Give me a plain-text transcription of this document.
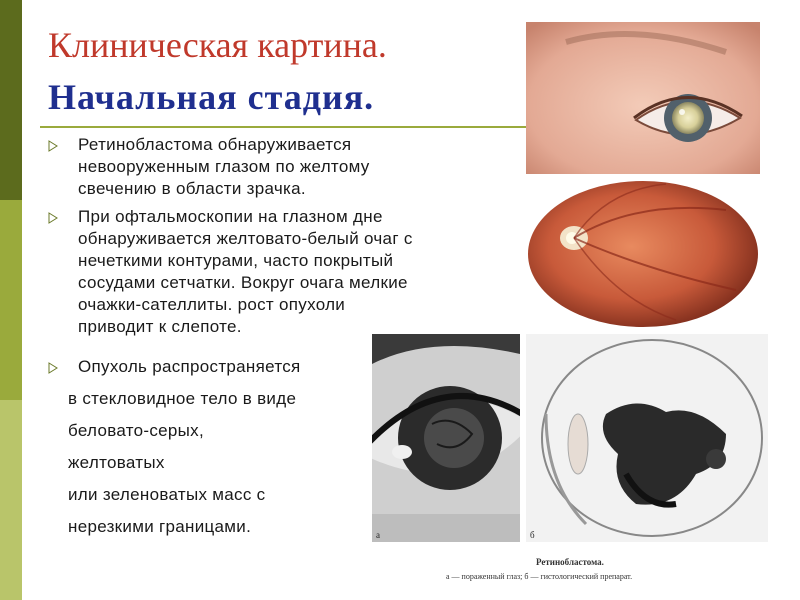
Клиническая картина.
Начальная стадия.
Ретинобластома обнаруживается
невооруженным глазом по желтому
свечению в области зрачка.
При офтальмоскопии на глазном дне
обнаруживается желтовато-белый очаг с
нечеткими контурами, часто покрытый
сосудами сетчатки. Вокруг очага мелкие
очажки-сателлиты. рост опухоли
приводит к слепоте.
Опухоль распространяется
в стекловидное тело в виде
беловато-серых,
желтоватых
или зеленоватых масс с
нерезкими границами.	а	б
Ретинобластома.
а — пораженный глаз; б — гистологический препарат.
